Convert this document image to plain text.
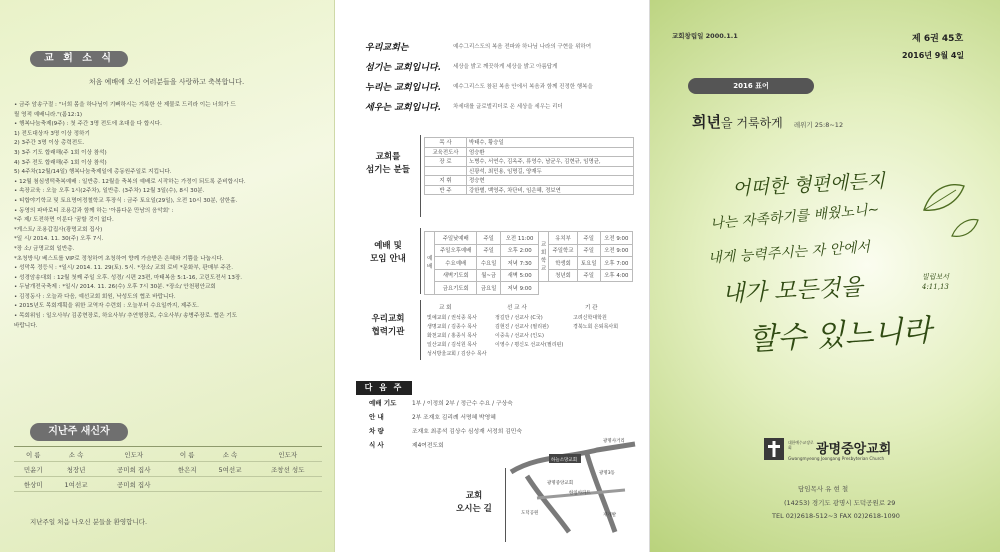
교 회 소 식
처음 예배에 오신 여러분들을 사랑하고 축복합니다.
• 금주 암송구절 : "너희 몸을 하나님이 기뻐하시는 거룩한 산 제물로 드리라 이는 너희가 드
릴 영적 예배니라."(롬12:1)
• 행복나눔축제(9주) : 첫 주간 3명 전도에 초대을 다 합시다.
1) 전도대상자 3명 이상 정하기
2) 3주간 3명 이상 총력전도.
3) 3주 기도 합래해(주 1회 이상 참석)
4) 3주 전도 합래해(주 1회 이상 참석)
5) 4주차(12월/14일) 행복나눔축제일에 총동원주일로 지킵니다.
• 12월 첨심생떡축복예배 : 일반총. 12월을 축복의 예배로 시작하는 가정이 되도록 준비합시다.
• 속장교육 : 오늘 오후 1시(2주차), 일반총. (3주차) 12월 3일(수), 8시 30분.
• 티합야기학교 및 토요명어정철학교 후장식 : 금주 토요일(29일), 오전 10시 30분, 삼한홀.
• 동영의 파바로티 조용갑과 함께 하는 '아름다운 만남의 음악회' :
*주 제/ 도전하면 이룬다 '꿈할 것이 없다.
*게스트/ 조용갑집사(광명교회 집사)
*일 시/ 2014. 11. 30(주) 오후 7시.
*장 소/ 금명교회 일반총.
*초청방식/ 베스트를 VIP로 정청하여 초청하여 향께 가슴받은 은혜와 기쁨을 나눕시다.
• 성막목 정등식 : *일시/ 2014. 11. 29(토). 5시. *장소/ 교회 로비 *문화부, 판매부 주관.
• 성경암송대회 : 12월 첫째 주일 오후. 성경/ 시편 23편, 마태복음 5:1-16, 고린도전서 13장.
• 두날개전국축제 : *일시/ 2014. 11. 26(수) 오후 7시 30분. *장소/ 안천평안교회
• 김정동사 : 오늘과 다음, 예선교회 회원, 낙성도의 협조 바랍니다.
• 2015년도 목회계획을 위한 교역자 수련회 : 오늘부터 수요일까지, 제주도.
• 목회위임 : 일오사부/ 김종현장로, 하요사부/ 추연형장로, 수요사부/ 송병주장로. 협은 기도
바랍니다.
지난주 새신자
이 름	소 속	인도자	이 름	소 속	인도자
민윤기	청장년	공미희 집사	한은지	5여선교	조창선 성도
한상미	1여선교	공미희 집사			
지난주일 처음 나오신 분들을 환영합니다.
우리교회는	예수그리스도의 복음 전파와 하나님 나라의 구현을 위하여
섬기는 교회입니다.	세상을 밝고 깨끗하게 세상을 밝고 아름답게
누리는 교회입니다.	예수그리스도 참된 복음 안에서 복음과 함께 진정한 행복을
세우는 교회입니다.	차세대를 글로벌리더로 온 세상을 세우는 리더
교회를
섬기는 분들
목 사	박태수, 황승일
교육전도사	엄승환
장 로	노병수, 서연수, 김옥주, 류영수, 남균우, 김현규, 임명균,
	신광석, 최민용, 임명길, 양재두
지 휘	정승현
반 주	강한별, 백영주, 차단비, 임은혜, 정보연
예배 및
모임 안내	예배	주일낮예배	주일	오전 11:00
	주일오후예배	주일	오후 2:00
	수요예배	수요일	저녁 7:30
	새벽기도회	월~금	새벽 5:00
	금요기도회	금요일	저녁 9:00
교회학교	유치부	주일	오전 9:00
	주일학교	주일	오전 9:00
	학생회	토요일	오후 7:00
	청년회	주일	오후 4:00
우리교회
협력기관
교 회	선 교 사	기 관
빛예교회 / 권석종 목사	정길만 / 선교사 (C국)	고려신학대학원
생명교회 / 김종수 목사	김현진 / 선교사 (필리핀)	경북노회 은퇴목사회
화천교회 / 홍종식 목사	이중욱 / 선교사 (인도)
일산교회 / 김석원 목사	이영수 / 평신도 선교사(필리핀)
성서방울교회 / 김상수 목사
다 음 주
예배 기도	1부 / 이정희 2부 / 정근수 수요 / 구상숙
안 내	2부 조재호 김리례 서명혜 박영혜
차 량	조재호 최종석 김상수 심성재 서정희 김민숙
식 사	제4여전도회
교회
오시는 길
광명사거리
하늘소망교회
광명중앙교회
한일아파트
광명3동
재개발
도덕공원
교회창립일 2000.1.1	제 6권 45호
2016년 9월 4일
2016 표어
희년을 거룩하게 레위기 25:8~12
어떠한 형편에든지
나는 자족하기를 배웠노니~
내게 능력주시는 자 안에서
내가 모든것을
할수 있느니라
빌립보서 4:11,13
대한예수교장로회	광명중앙교회
Gwangmyeong Joongang Presbyterian Church
담임목사 유 현 철
(14253) 경기도 광명시 도덕공원로 29
TEL 02)2618-512~3 FAX 02)2618-1090
